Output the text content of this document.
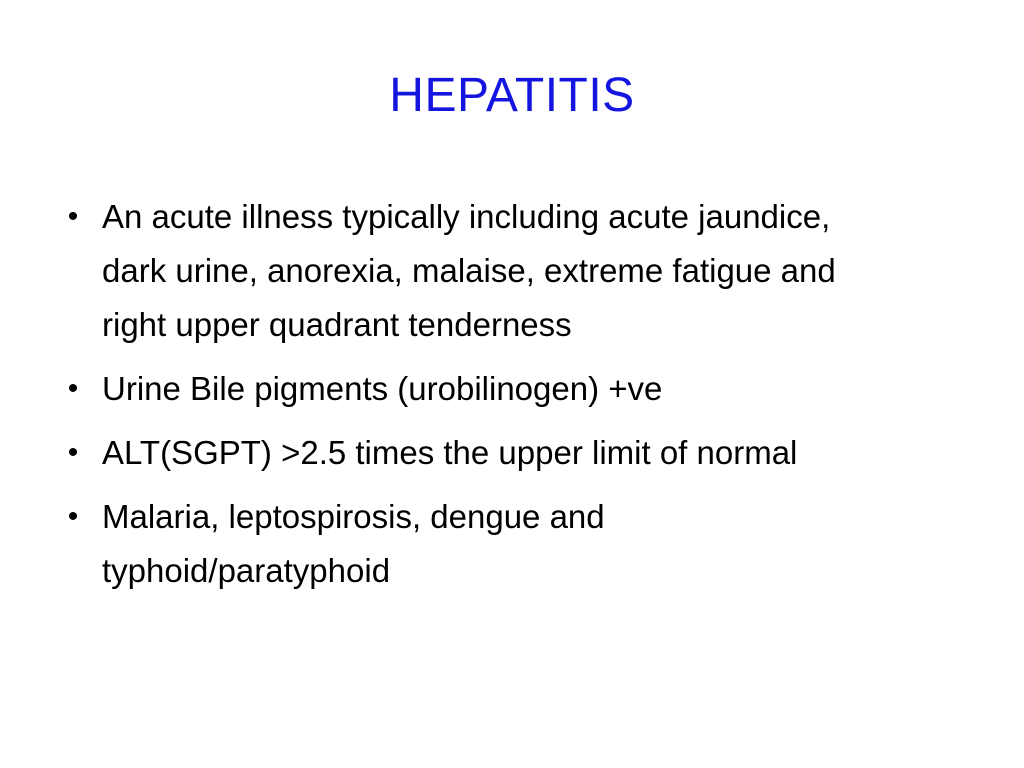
HEPATITIS
• An acute illness typically including acute jaundice, dark urine, anorexia, malaise, extreme fatigue and right upper quadrant tenderness
• Urine Bile pigments (urobilinogen) +ve
• ALT(SGPT) >2.5 times the upper limit of normal
• Malaria, leptospirosis, dengue and typhoid/paratyphoid
